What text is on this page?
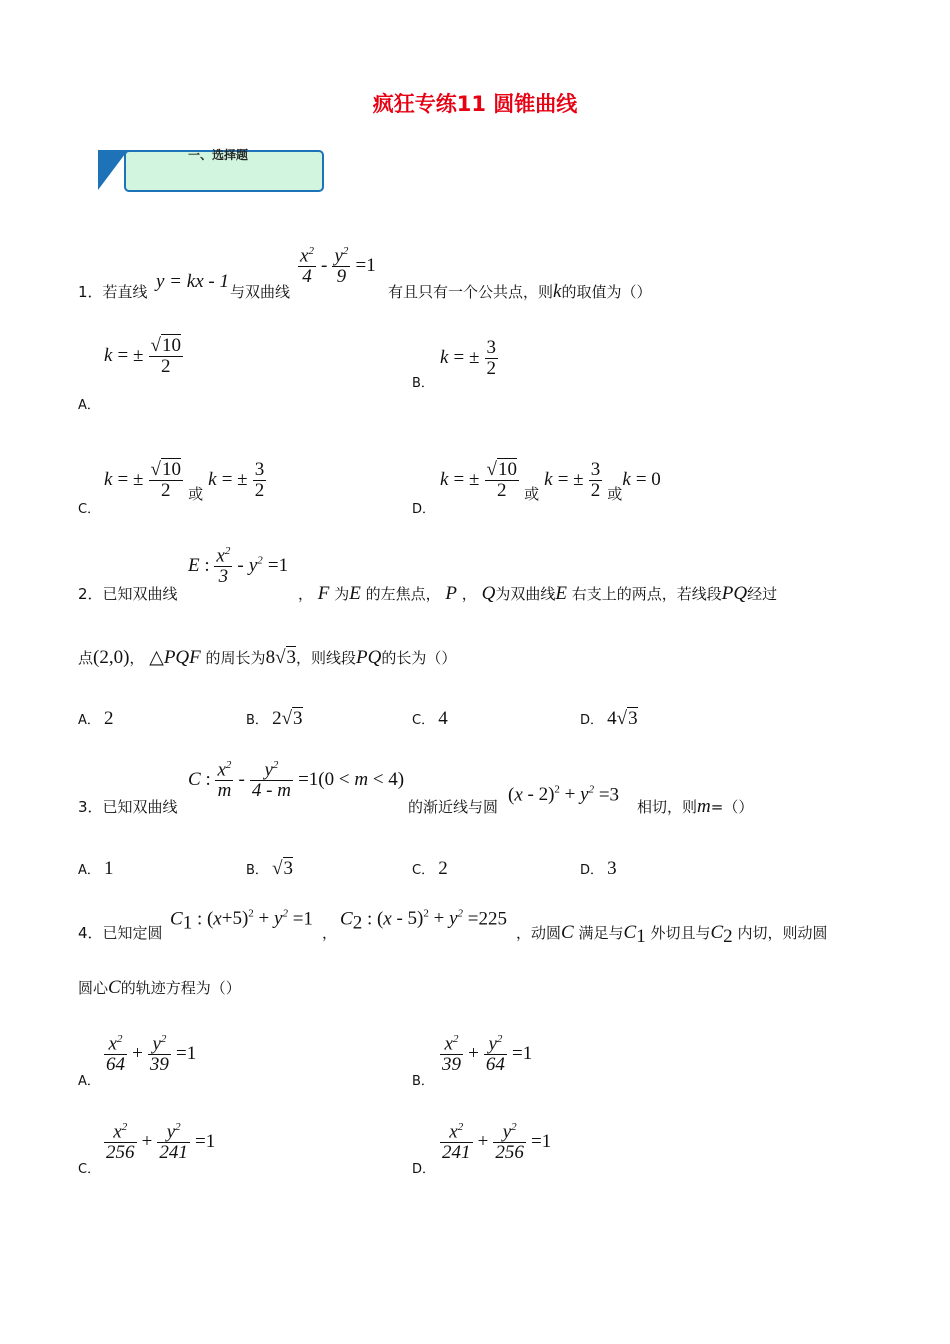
疯狂专练11 圆锥曲线
一、选择题
1．若直线 y = kx - 1 与双曲线
$\frac{x^2}{4} - \frac{y^2}{9} =1$
有且只有一个公共点，则k的取值为（）
A．
k = ± $\frac{√10}{2}$
B．
k = ± $\frac{3}{2}$
C．
k = ± $\frac{√10}{2}$ 或 k = ± $\frac{3}{2}$
D．
k = ± $\frac{√10}{2}$ 或 k = ± $\frac{3}{2}$ 或k = 0
2．已知双曲线
E : $\frac{x^2}{3} - y^2 =1$
， F 为E 的左焦点， P ， Q为双曲线E 右支上的两点，若线段PQ经过
点(2,0)， △PQF 的周长为8√3，则线段PQ的长为（）
A． 2	B． 2√3	C． 4	D． 4√3
3．已知双曲线
C : $\frac{x^2}{m} - \frac{y^2}{4 - m} =1(0 < m < 4)$
的渐近线与圆
$(x - 2)^2 + y^2 =3$
相切，则m=（）
A． 1	B． √3	C． 2	D． 3
4．已知定圆
$C_1$ : $(x+5)^2 + y^2 =1$
，
$C_2$ : $(x - 5)^2 + y^2 =225$
，动圆C 满足与$C_1$ 外切且与$C_2$ 内切，则动圆
圆心C的轨迹方程为（）
A．
$\frac{x^2}{64} + \frac{y^2}{39} =1$
B．
$\frac{x^2}{39} + \frac{y^2}{64} =1$
C．
$\frac{x^2}{256} + \frac{y^2}{241} =1$
D．
$\frac{x^2}{241} + \frac{y^2}{256} =1$
